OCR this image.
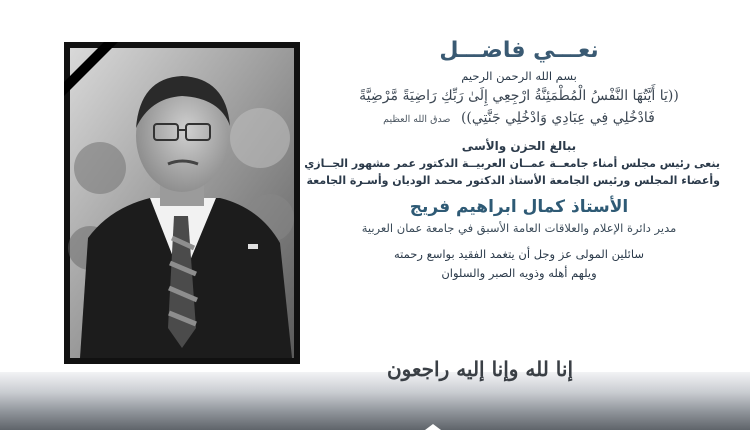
نعـــي فاضـــل
بسم الله الرحمن الرحيم
((يَا أَيَّتُهَا النَّفْسُ الْمُطْمَئِنَّةُ ارْجِعِي إِلَىٰ رَبِّكِ رَاضِيَةً مَّرْضِيَّةً
فَادْخُلِي فِي عِبَادِي وَادْخُلِي جَنَّتِي)) صدق الله العظيم
ببالغ الحزن والأسى
ينعى رئيس مجلس أمناء جامعــة عمــان العربيــة الدكتور عمر مشهور الجــازي
وأعضاء المجلس ورئيس الجامعة الأستاذ الدكتور محمد الوديان وأسـرة الجامعة
الأستاذ كمال ابراهيم فريج
مدير دائرة الإعلام والعلاقات العامة الأسبق في جامعة عمان العربية
سائلين المولى عز وجل أن يتغمد الفقيد بواسع رحمته
ويلهم أهله وذويه الصبر والسلوان
إنا لله وإنا إليه راجعون
